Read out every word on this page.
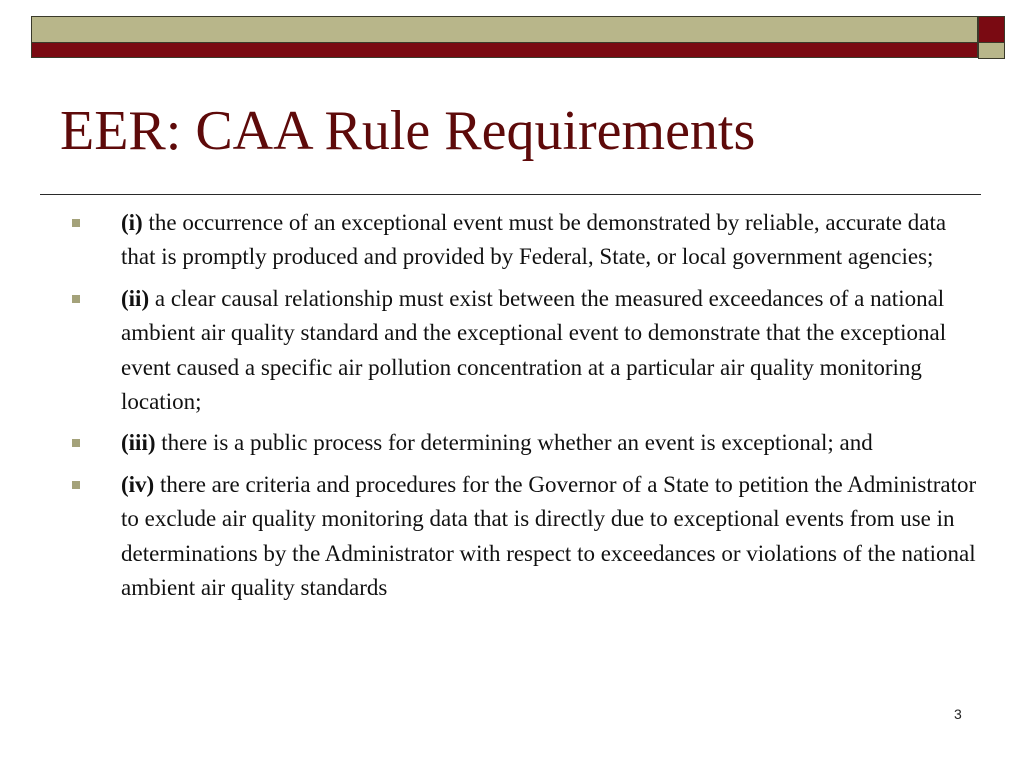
EER: CAA Rule Requirements
(i) the occurrence of an exceptional event must be demonstrated by reliable, accurate data that is promptly produced and provided by Federal, State, or local government agencies;
(ii) a clear causal relationship must exist between the measured exceedances of a national ambient air quality standard and the exceptional event to demonstrate that the exceptional event caused a specific air pollution concentration at a particular air quality monitoring location;
(iii) there is a public process for determining whether an event is exceptional; and
(iv) there are criteria and procedures for the Governor of a State to petition the Administrator to exclude air quality monitoring data that is directly due to exceptional events from use in determinations by the Administrator with respect to exceedances or violations of the national ambient air quality standards
3
